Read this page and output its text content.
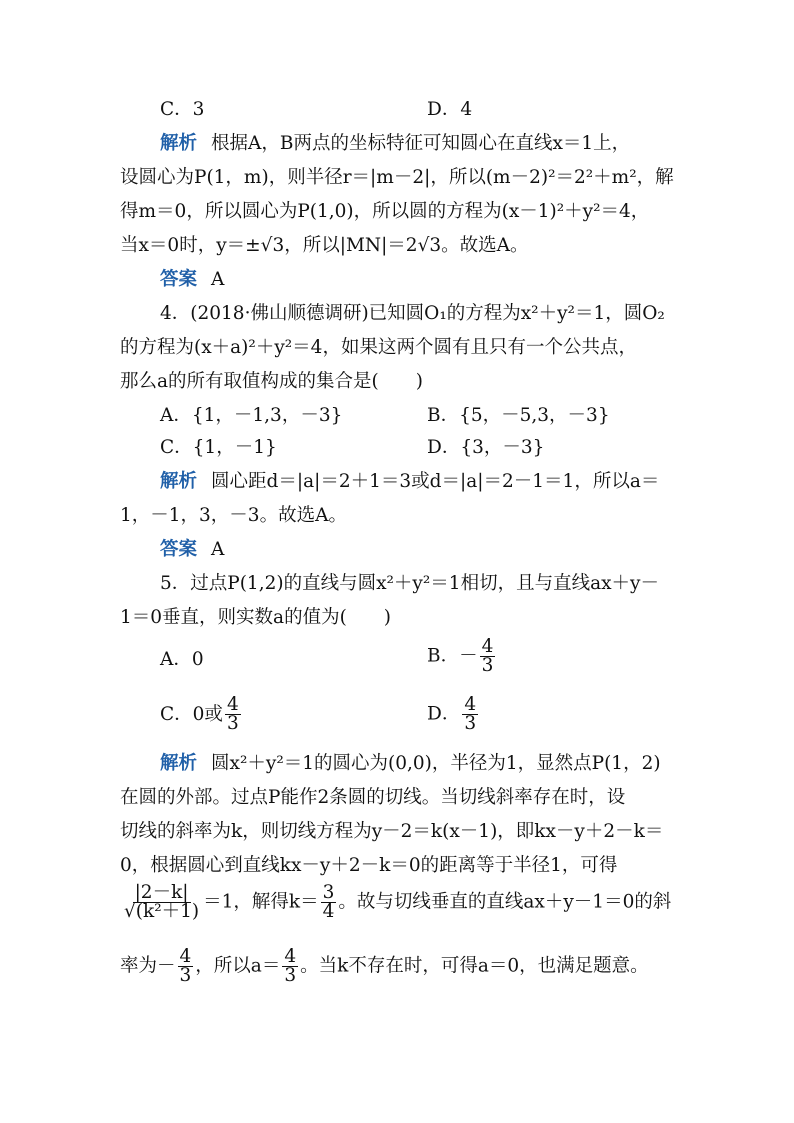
C．3	D．4
解析 根据A，B两点的坐标特征可知圆心在直线x＝1上，
设圆心为P(1，m)，则半径r＝|m－2|，所以(m－2)²＝2²＋m²，解
得m＝0，所以圆心为P(1,0)，所以圆的方程为(x－1)²＋y²＝4，
当x＝0时，y＝±√3，所以|MN|＝2√3。故选A。
答案 A
4．(2018·佛山顺德调研)已知圆O₁的方程为x²＋y²＝1，圆O₂
的方程为(x＋a)²＋y²＝4，如果这两个圆有且只有一个公共点，
那么a的所有取值构成的集合是(　　)
A．{1，－1,3，－3}	B．{5，－5,3，－3}
C．{1，－1}	D．{3，－3}
解析 圆心距d＝|a|＝2＋1＝3或d＝|a|＝2－1＝1，所以a＝
1，－1，3，－3。故选A。
答案 A
5．过点P(1,2)的直线与圆x²＋y²＝1相切，且与直线ax＋y－
1＝0垂直，则实数a的值为(　　)
A．0	B．－ $\frac{4}{3}$
C．0或 $\frac{4}{3}$	D． $\frac{4}{3}$
解析 圆x²＋y²＝1的圆心为(0,0)，半径为1，显然点P(1，2)
在圆的外部。过点P能作2条圆的切线。当切线斜率存在时，设
切线的斜率为k，则切线方程为y－2＝k(x－1)，即kx－y＋2－k＝
0，根据圆心到直线kx－y＋2－k＝0的距离等于半径1，可得
$\frac{|2-k|}{\text{√(k²＋1)}} =1$，解得$k= \frac{3}{4}$ 。故与切线垂直的直线ax＋y－1＝0的斜
率为－ $\frac{4}{3}$ ，所以$a= \frac{4}{3}$ 。当k不存在时，可得a＝0，也满足题意。
